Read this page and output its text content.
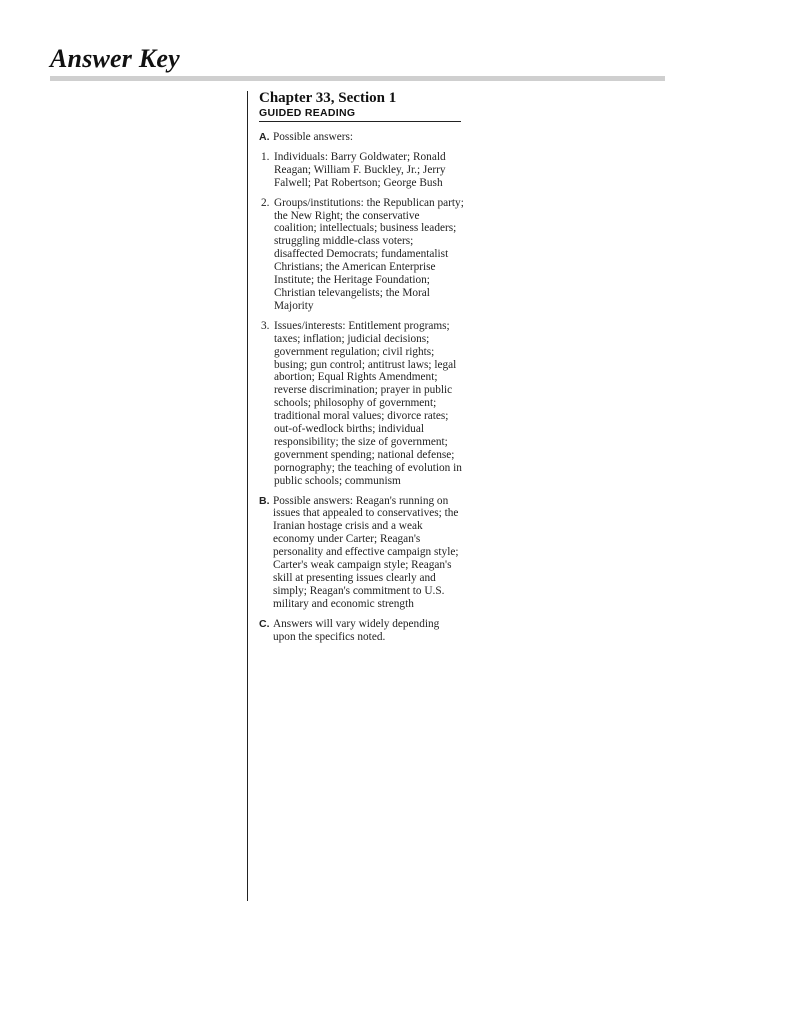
Answer Key
Chapter 33, Section 1
GUIDED READING
A. Possible answers:
1. Individuals: Barry Goldwater; Ronald Reagan; William F. Buckley, Jr.; Jerry Falwell; Pat Robertson; George Bush
2. Groups/institutions: the Republican party; the New Right; the conservative coalition; intellectuals; business leaders; struggling middle-class voters; disaffected Democrats; fundamentalist Christians; the American Enterprise Institute; the Heritage Foundation; Christian televangelists; the Moral Majority
3. Issues/interests: Entitlement programs; taxes; inflation; judicial decisions; government regulation; civil rights; busing; gun control; antitrust laws; legal abortion; Equal Rights Amendment; reverse discrimination; prayer in public schools; philosophy of government; traditional moral values; divorce rates; out-of-wedlock births; individual responsibility; the size of government; government spending; national defense; pornography; the teaching of evolution in public schools; communism
B. Possible answers: Reagan's running on issues that appealed to conservatives; the Iranian hostage crisis and a weak economy under Carter; Reagan's personality and effective campaign style; Carter's weak campaign style; Reagan's skill at presenting issues clearly and simply; Reagan's commitment to U.S. military and economic strength
C. Answers will vary widely depending upon the specifics noted.
